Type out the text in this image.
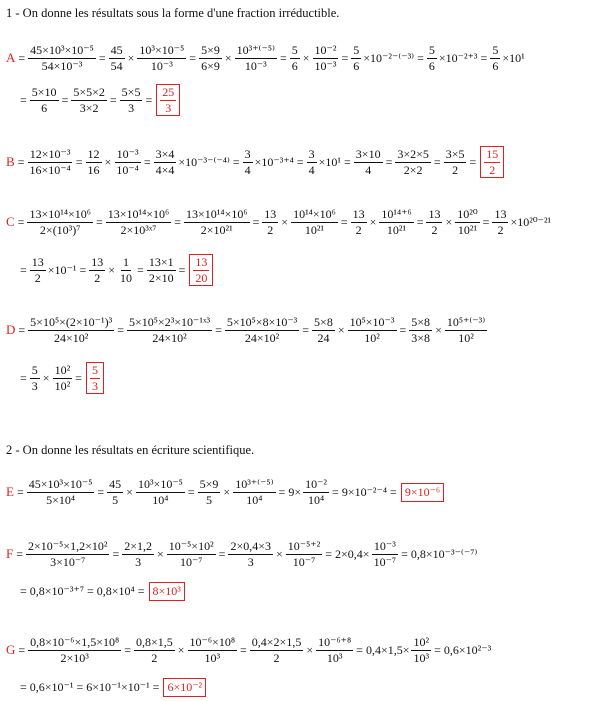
1 - On donne les résultats sous la forme d'une fraction irréductible.
2 - On donne les résultats en écriture scientifique.
$A = \frac{\text{45×10³×10⁻⁵}}{\text{54×10⁻³}} = \frac{45}{54} \times \frac{\text{10³×10⁻⁵}}{\text{10⁻³}} = \frac{5\times 9}{6\times 9} \times \frac{\text{10³⁺⁽⁻⁵⁾}}{\text{10⁻³}} = \frac{5}{6} \times \frac{\text{10⁻²}}{\text{10⁻³}} = \frac{5}{6} \times 10^{-2-(-3)} = \frac{5}{6} \times 10^{-2+3} = \frac{5}{6} \times 10^1$
= $\frac{5\times 10}{6} = \frac{5\times 5\times 2}{3\times 2} = \frac{5\times 5}{3} = \frac{25}{3}$
$B = \frac{\text{12×10⁻³}}{\text{16×10⁻⁴}} = \frac{12}{16} \times \frac{\text{10⁻³}}{\text{10⁻⁴}} = \frac{3\times 4}{4\times 4} \times 10^{-3-(-4)} = \frac{3}{4} \times 10^{-3+4} = \frac{3}{4} \times 10^1 = \frac{3\times 10}{4} = \frac{3\times 2\times 5}{2\times 2} = \frac{3\times 5}{2} = \frac{15}{2}$
$C = \frac{\text{13×10¹⁴×10⁶}}{\text{2×(10³)⁷}} = \frac{\text{13×10¹⁴×10⁶}}{\text{2×10³ˣ⁷}} = \frac{\text{13×10¹⁴×10⁶}}{\text{2×10²¹}} = \frac{13}{2} \times \frac{\text{10¹⁴×10⁶}}{\text{10²¹}} = \frac{13}{2} \times \frac{\text{10¹⁴⁺⁶}}{\text{10²¹}} = \frac{13}{2} \times \frac{\text{10²⁰}}{\text{10²¹}} = \frac{13}{2} \times 10^{20-21}$
= $\frac{13}{2} \times 10^{-1} = \frac{13}{2} \times \frac{1}{10} = \frac{13\times 1}{2\times 10} = \frac{13}{20}$
$D = \frac{\text{5×10⁵×(2×10⁻¹)³}}{\text{24×10²}} = \frac{\text{5×10⁵×2³×10⁻¹ˣ³}}{\text{24×10²}} = \frac{\text{5×10⁵×8×10⁻³}}{\text{24×10²}} = \frac{5\times 8}{24} \times \frac{\text{10⁵×10⁻³}}{\text{10²}} = \frac{5\times 8}{3\times 8} \times \frac{\text{10⁵⁺⁽⁻³⁾}}{\text{10²}}$
= $\frac{5}{3} \times \frac{\text{10²}}{\text{10²}} = \frac{5}{3}$
$E = \frac{\text{45×10³×10⁻⁵}}{\text{5×10⁴}} = \frac{45}{5} \times \frac{\text{10³×10⁻⁵}}{\text{10⁴}} = \frac{5\times 9}{5} \times \frac{\text{10³⁺⁽⁻⁵⁾}}{\text{10⁴}} = 9\times \frac{\text{10⁻²}}{\text{10⁴}} = 9\times 10^{-2-4} = 9\times 10^{-6}$
$F = \frac{\text{2×10⁻⁵×1,2×10²}}{\text{3×10⁻⁷}} = \frac{2\times 1,2}{3} \times \frac{\text{10⁻⁵×10²}}{\text{10⁻⁷}} = \frac{2\times 0,4\times 3}{3} \times \frac{\text{10⁻⁵⁺²}}{\text{10⁻⁷}} = 2\times 0,4\times \frac{\text{10⁻³}}{\text{10⁻⁷}} = 0,8\times 10^{-3-(-7)}$
= 0,8×10⁻³⁺⁷ = 0,8×10⁴ = 8×10³
$G = \frac{\text{0,8×10⁻⁶×1,5×10⁸}}{\text{2×10³}} = \frac{0,8\times 1,5}{2} \times \frac{\text{10⁻⁶×10⁸}}{\text{10³}} = \frac{0,4\times 2\times 1,5}{2} \times \frac{\text{10⁻⁶⁺⁸}}{\text{10³}} = 0,4\times 1,5\times \frac{\text{10²}}{\text{10³}} = 0,6\times 10^{2-3}$
= 0,6×10⁻¹ = 6×10⁻¹×10⁻¹ = 6×10⁻²
